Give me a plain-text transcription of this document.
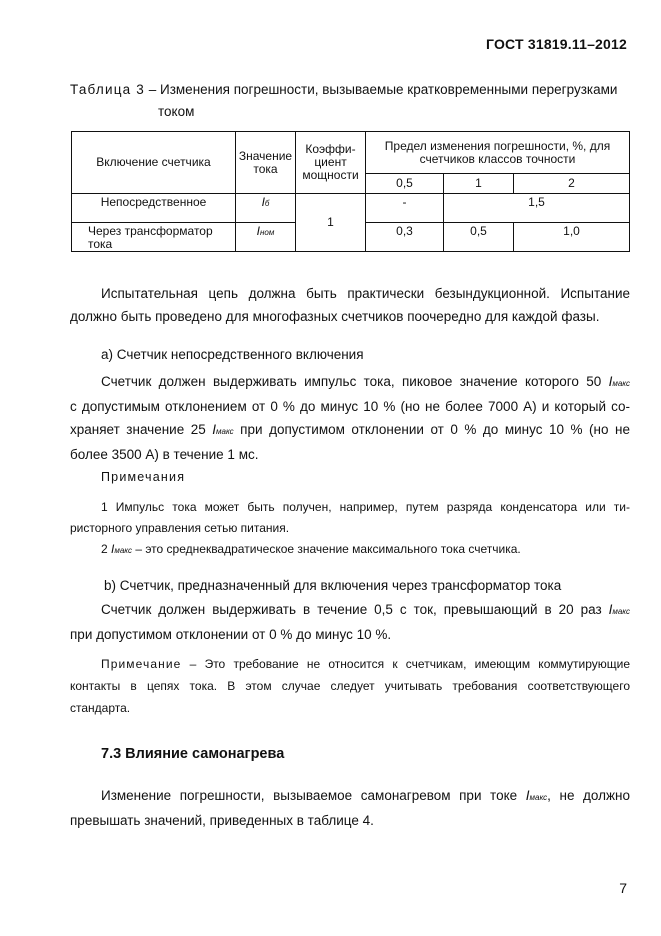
ГОСТ 31819.11–2012
Таблица 3 – Изменения погрешности, вызываемые кратковременными перегрузками
током
Включение счетчика	Значение тока	Коэффи-циент мощности	Предел изменения погрешности, %, для счетчиков классов точности		
			0,5	1	2
Непосредственное	Iб	1	-	1,5	
Через трансформатор тока	Iном		0,3	0,5	1,0
Испытательная цепь должна быть практически безындукционной. Испытание
должно быть проведено для многофазных счетчиков поочередно для каждой фазы.
а) Счетчик непосредственного включения
Счетчик должен выдерживать импульс тока, пиковое значение которого 50 Iмакс
с допустимым отклонением от 0 % до минус 10 % (но не более 7000 А) и который со-
храняет значение 25 Iмакс при допустимом отклонении от 0 % до минус 10 % (но не
более 3500 А) в течение 1 мс.
Примечания
1 Импульс тока может быть получен, например, путем разряда конденсатора или ти-
ристорного управления сетью питания.
2 Iмакс – это среднеквадратическое значение максимального тока счетчика.
b) Счетчик, предназначенный для включения через трансформатор тока
Счетчик должен выдерживать в течение 0,5 с ток, превышающий в 20 раз Iмакс
при допустимом отклонении от 0 % до минус 10 %.
Примечание – Это требование не относится к счетчикам, имеющим коммутирующие
контакты в цепях тока. В этом случае следует учитывать требования соответствующего
стандарта.
7.3 Влияние самонагрева
Изменение погрешности, вызываемое самонагревом при токе Iмакс, не должно
превышать значений, приведенных в таблице 4.
7
